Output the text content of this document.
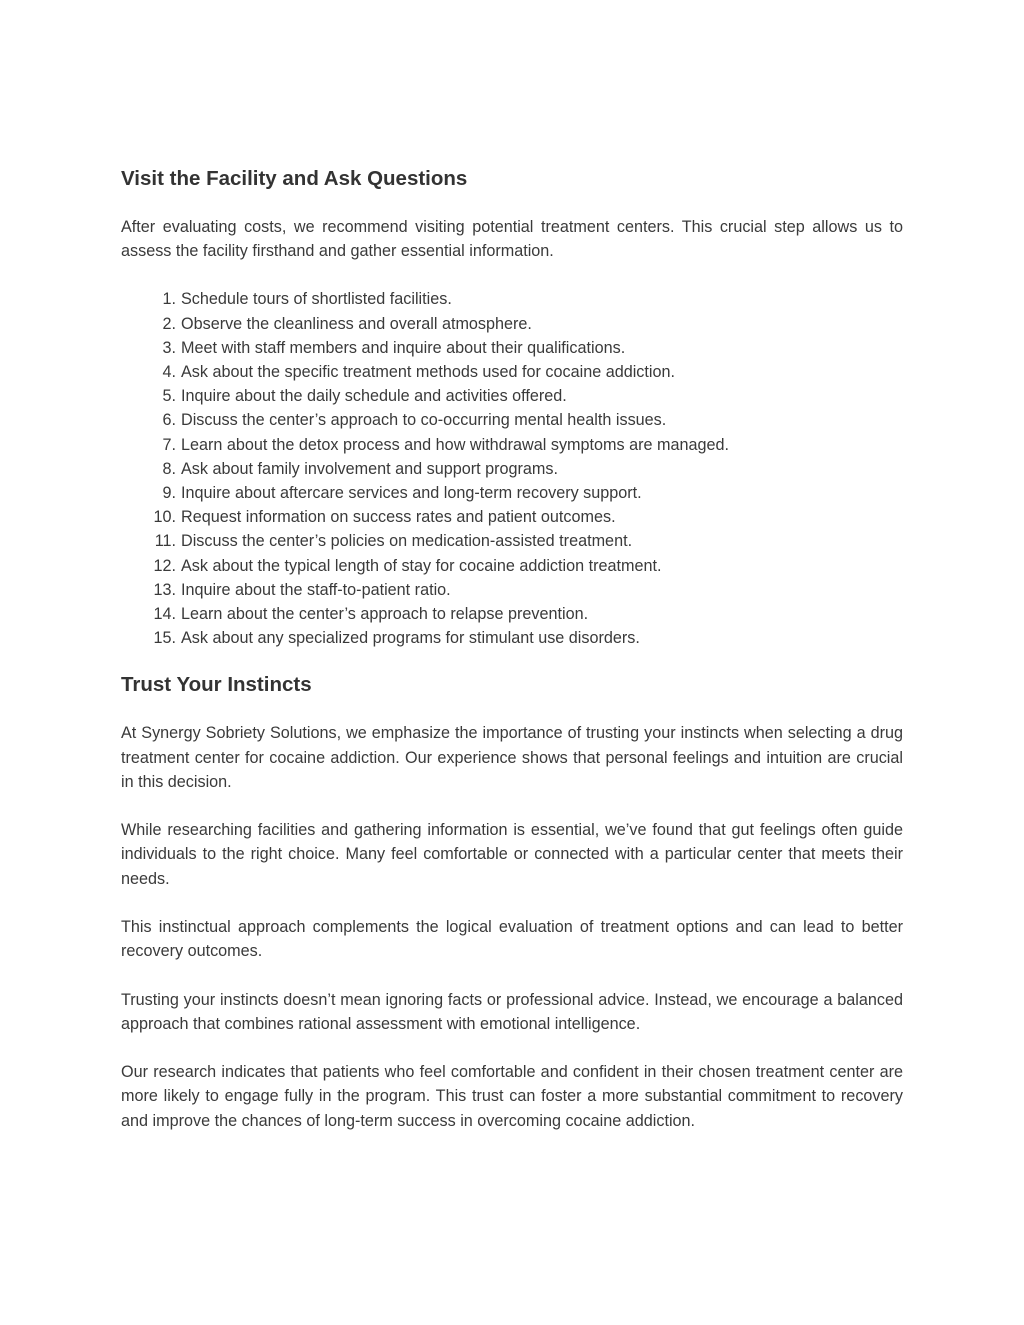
Visit the Facility and Ask Questions

After evaluating costs, we recommend visiting potential treatment centers. This crucial step allows us to assess the facility firsthand and gather essential information.

1. Schedule tours of shortlisted facilities.
2. Observe the cleanliness and overall atmosphere.
3. Meet with staff members and inquire about their qualifications.
4. Ask about the specific treatment methods used for cocaine addiction.
5. Inquire about the daily schedule and activities offered.
6. Discuss the center’s approach to co-occurring mental health issues.
7. Learn about the detox process and how withdrawal symptoms are managed.
8. Ask about family involvement and support programs.
9. Inquire about aftercare services and long-term recovery support.
10. Request information on success rates and patient outcomes.
11. Discuss the center’s policies on medication-assisted treatment.
12. Ask about the typical length of stay for cocaine addiction treatment.
13. Inquire about the staff-to-patient ratio.
14. Learn about the center’s approach to relapse prevention.
15. Ask about any specialized programs for stimulant use disorders.
Trust Your Instincts

At Synergy Sobriety Solutions, we emphasize the importance of trusting your instincts when selecting a drug treatment center for cocaine addiction. Our experience shows that personal feelings and intuition are crucial in this decision.

While researching facilities and gathering information is essential, we’ve found that gut feelings often guide individuals to the right choice. Many feel comfortable or connected with a particular center that meets their needs.

This instinctual approach complements the logical evaluation of treatment options and can lead to better recovery outcomes.

Trusting your instincts doesn’t mean ignoring facts or professional advice. Instead, we encourage a balanced approach that combines rational assessment with emotional intelligence.

Our research indicates that patients who feel comfortable and confident in their chosen treatment center are more likely to engage fully in the program. This trust can foster a more substantial commitment to recovery and improve the chances of long-term success in overcoming cocaine addiction.
